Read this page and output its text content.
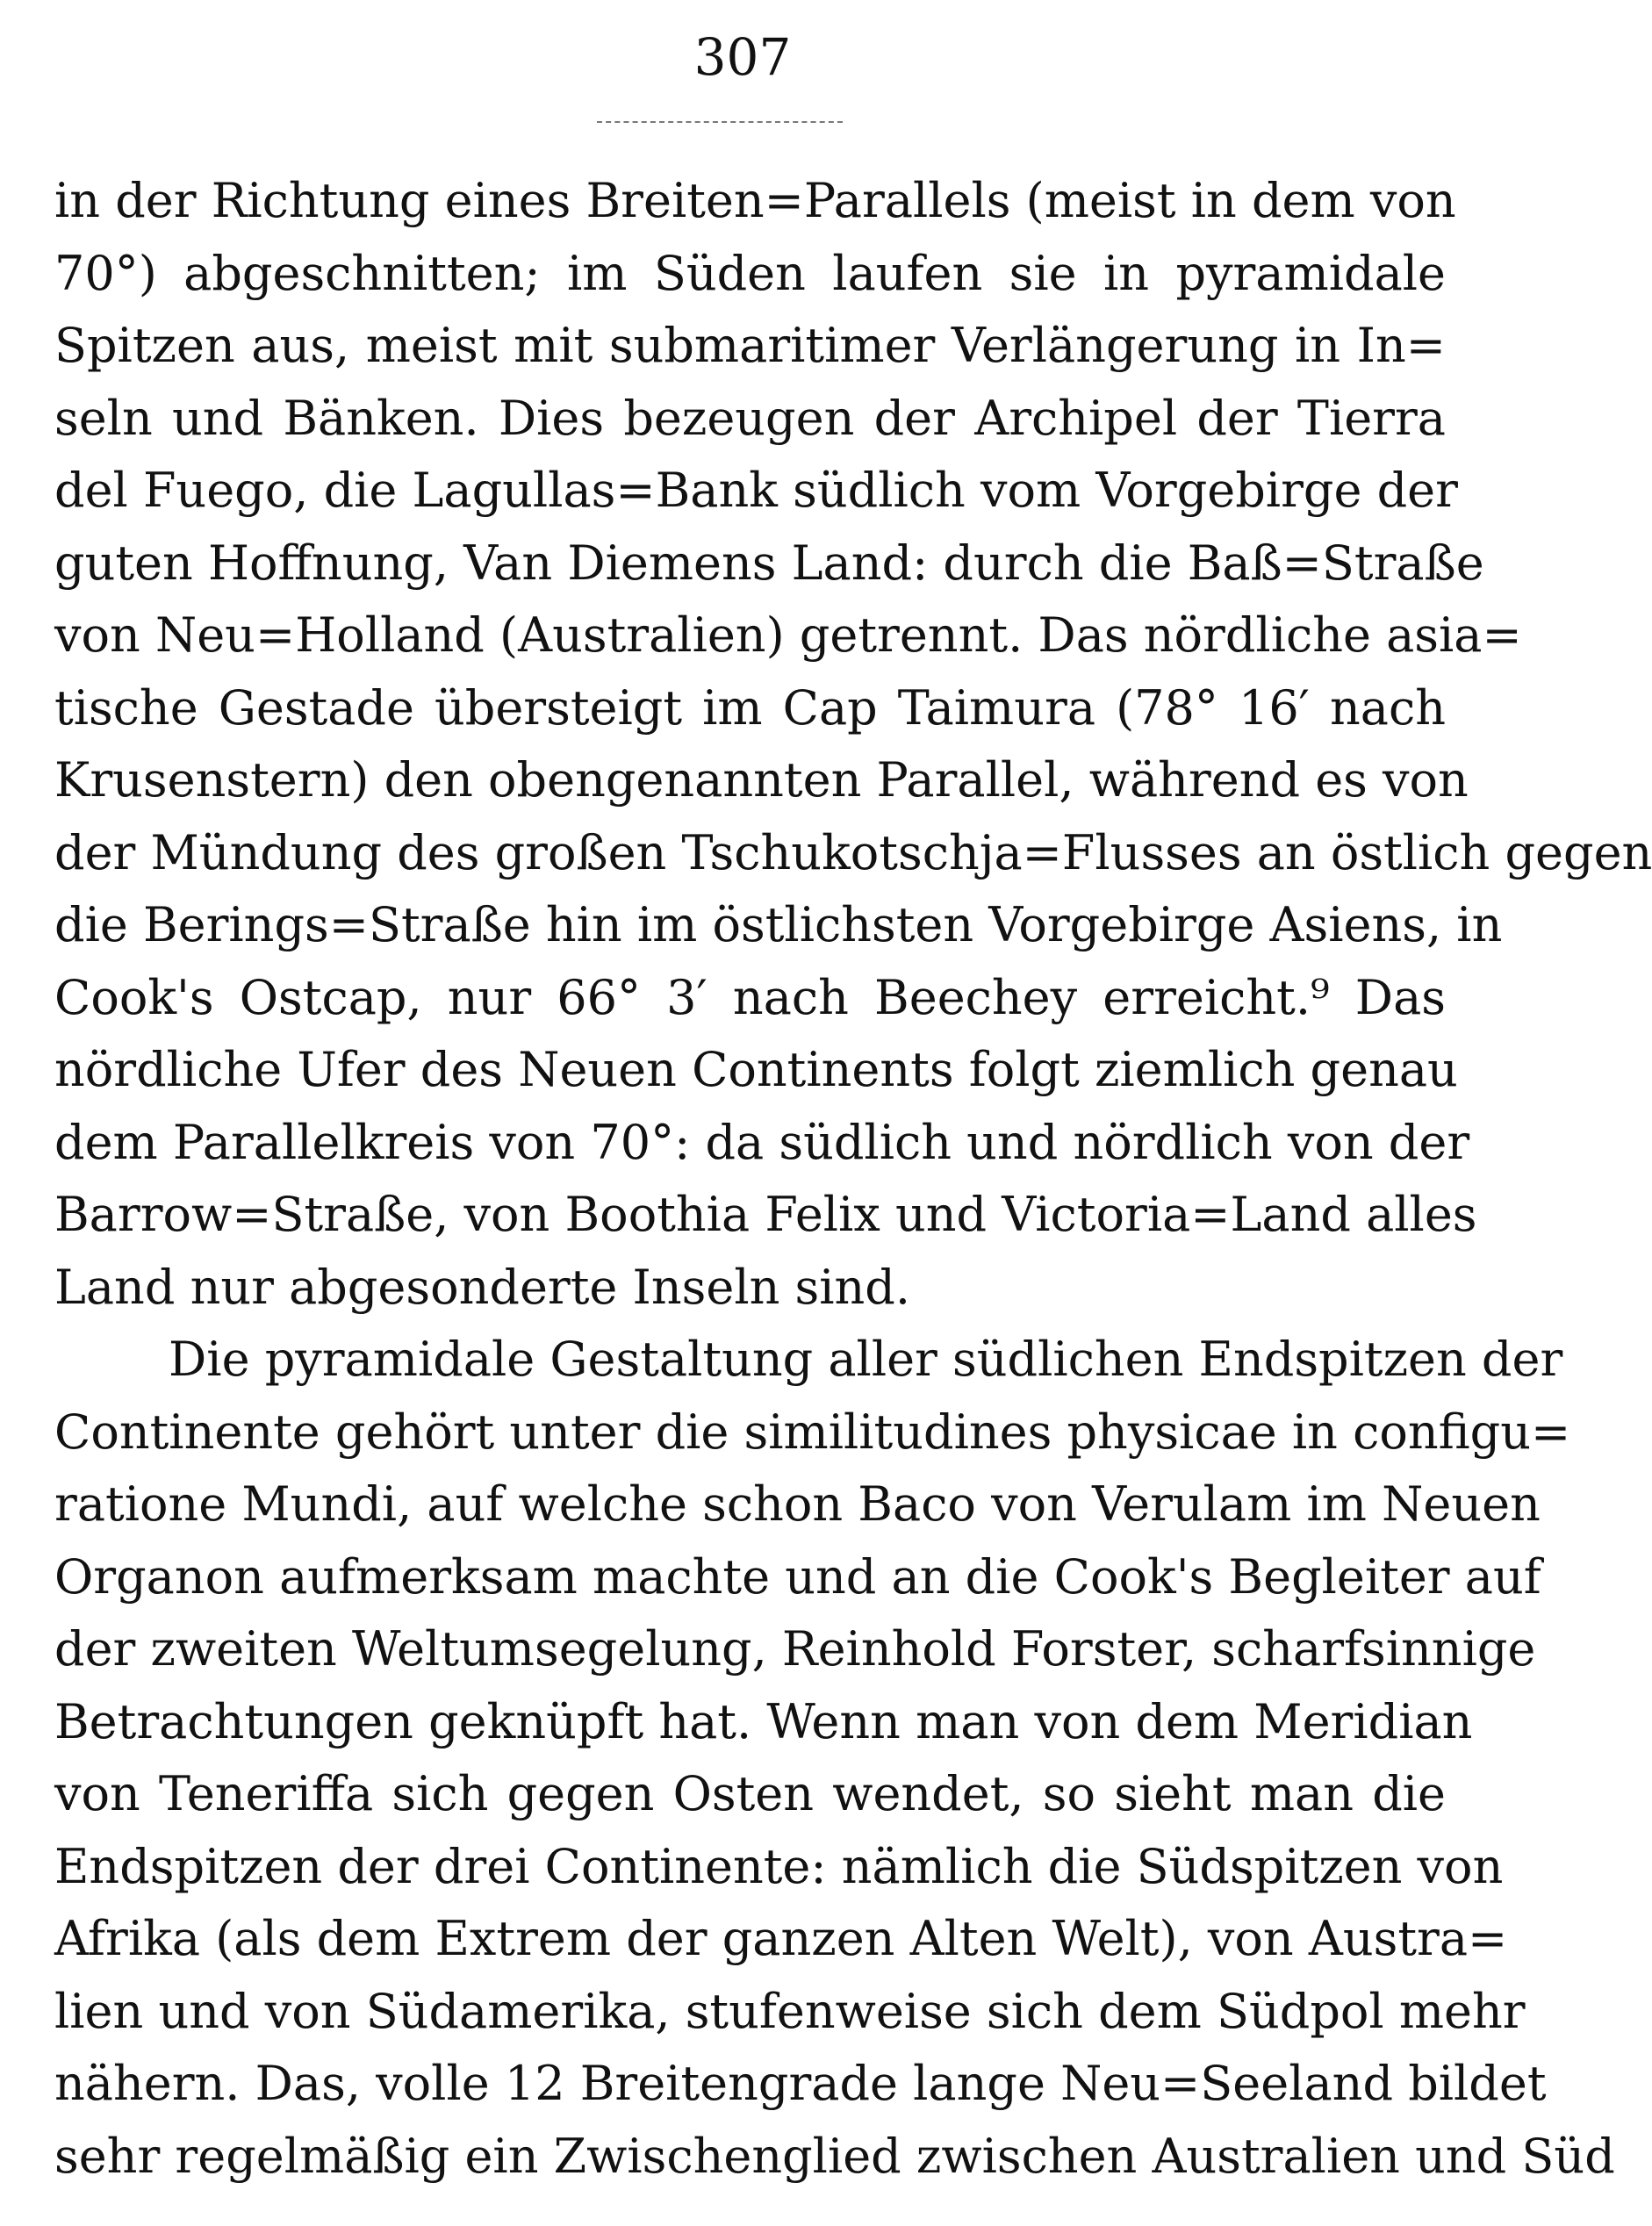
307
in der Richtung eines Breiten=Parallels (meist in dem von
70°) abgeschnitten; im Süden laufen sie in pyramidale
Spitzen aus, meist mit submaritimer Verlängerung in In=
seln und Bänken. Dies bezeugen der Archipel der Tierra
del Fuego, die Lagullas=Bank südlich vom Vorgebirge der
guten Hoffnung, Van Diemens Land: durch die Baß=Straße
von Neu=Holland (Australien) getrennt. Das nördliche asia=
tische Gestade übersteigt im Cap Taimura (78° 16′ nach
Krusenstern) den obengenannten Parallel, während es von
der Mündung des großen Tschukotschja=Flusses an östlich gegen
die Berings=Straße hin im östlichsten Vorgebirge Asiens, in
Cook's Ostcap, nur 66° 3′ nach Beechey erreicht.⁹ Das
nördliche Ufer des Neuen Continents folgt ziemlich genau
dem Parallelkreis von 70°: da südlich und nördlich von der
Barrow=Straße, von Boothia Felix und Victoria=Land alles
Land nur abgesonderte Inseln sind.
Die pyramidale Gestaltung aller südlichen Endspitzen der
Continente gehört unter die similitudines physicae in configu=
ratione Mundi, auf welche schon Baco von Verulam im Neuen
Organon aufmerksam machte und an die Cook's Begleiter auf
der zweiten Weltumsegelung, Reinhold Forster, scharfsinnige
Betrachtungen geknüpft hat. Wenn man von dem Meridian
von Teneriffa sich gegen Osten wendet, so sieht man die
Endspitzen der drei Continente: nämlich die Südspitzen von
Afrika (als dem Extrem der ganzen Alten Welt), von Austra=
lien und von Südamerika, stufenweise sich dem Südpol mehr
nähern. Das, volle 12 Breitengrade lange Neu=Seeland bildet
sehr regelmäßig ein Zwischenglied zwischen Australien und Süd
